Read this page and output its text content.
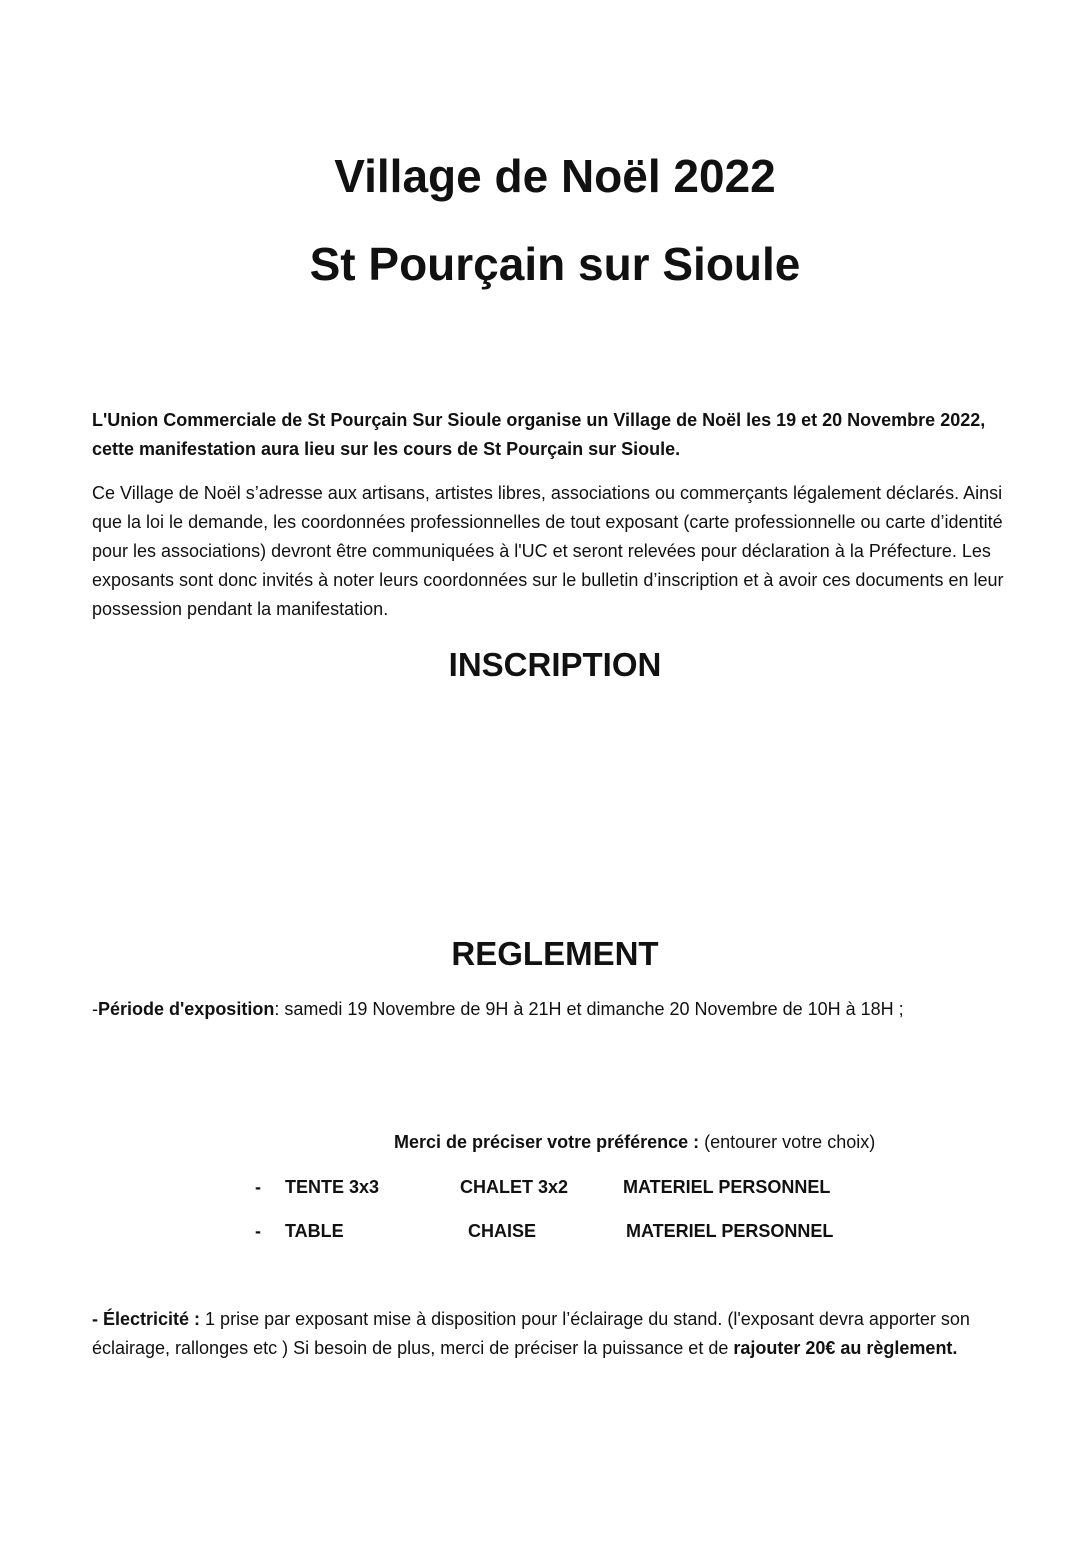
Village de Noël 2022
St Pourçain sur Sioule

L'Union Commerciale de St Pourçain Sur Sioule organise un Village de Noël les 19 et 20 Novembre 2022, cette manifestation aura lieu sur les cours de St Pourçain sur Sioule.

Ce Village de Noël s’adresse aux artisans, artistes libres, associations ou commerçants légalement déclarés. Ainsi que la loi le demande, les coordonnées professionnelles de tout exposant (carte professionnelle ou carte d’identité pour les associations) devront être communiquées à l'UC et seront relevées pour déclaration à la Préfecture. Les exposants sont donc invités à noter leurs coordonnées sur le bulletin d’inscription et à avoir ces documents en leur possession pendant la manifestation.

INSCRIPTION
REGLEMENT

-Période d'exposition: samedi 19 Novembre de 9H à 21H et dimanche 20 Novembre de 10H à 18H ;

Merci de préciser votre préférence : (entourer votre choix)
- TENTE 3x3	CHALET 3x2	MATERIEL PERSONNEL
- TABLE	CHAISE	MATERIEL PERSONNEL

- Électricité : 1 prise par exposant mise à disposition pour l’éclairage du stand. (l'exposant devra apporter son éclairage, rallonges etc ) Si besoin de plus, merci de préciser la puissance et de rajouter 20€ au règlement.
